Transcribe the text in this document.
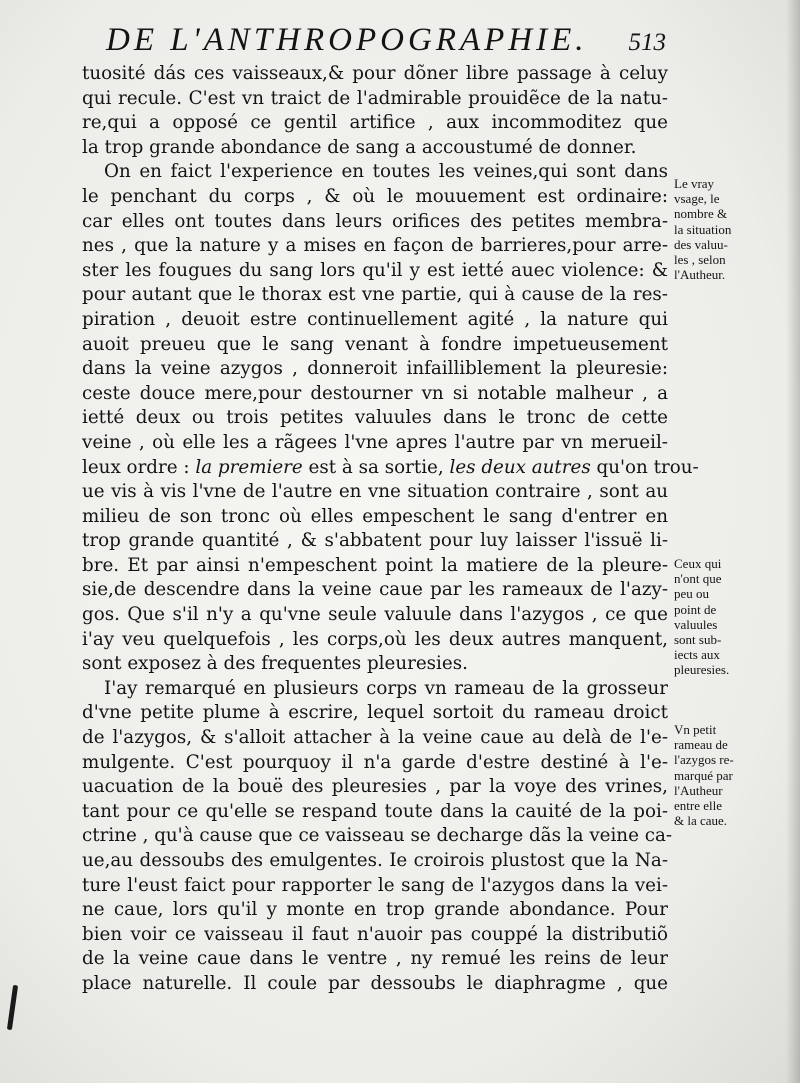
DE L'ANTHROPOGRAPHIE. 513
tuosité dás ces vaisseaux,& pour dõner libre passage à celuy
qui recule. C'est vn traict de l'admirable prouidẽce de la natu-
re,qui a opposé ce gentil artifice , aux incommoditez que
la trop grande abondance de sang a accoustumé de donner.
On en faict l'experience en toutes les veines,qui sont dans
le penchant du corps , & où le mouuement est ordinaire:
car elles ont toutes dans leurs orifices des petites membra-
nes , que la nature y a mises en façon de barrieres,pour arre-
ster les fougues du sang lors qu'il y est ietté auec violence: &
pour autant que le thorax est vne partie, qui à cause de la res-
piration , deuoit estre continuellement agité , la nature qui
auoit preueu que le sang venant à fondre impetueusement
dans la veine azygos , donneroit infailliblement la pleuresie:
ceste douce mere,pour destourner vn si notable malheur , a
ietté deux ou trois petites valuules dans le tronc de cette
veine , où elle les a rãgees l'vne apres l'autre par vn merueil-
leux ordre : la premiere est à sa sortie, les deux autres qu'on trou-
ue vis à vis l'vne de l'autre en vne situation contraire , sont au
milieu de son tronc où elles empeschent le sang d'entrer en
trop grande quantité , & s'abbatent pour luy laisser l'issuë li-
bre. Et par ainsi n'empeschent point la matiere de la pleure-
sie,de descendre dans la veine caue par les rameaux de l'azy-
gos. Que s'il n'y a qu'vne seule valuule dans l'azygos , ce que
i'ay veu quelquefois , les corps,où les deux autres manquent,
sont exposez à des frequentes pleuresies.
I'ay remarqué en plusieurs corps vn rameau de la grosseur
d'vne petite plume à escrire, lequel sortoit du rameau droict
de l'azygos, & s'alloit attacher à la veine caue au delà de l'e-
mulgente. C'est pourquoy il n'a garde d'estre destiné à l'e-
uacuation de la bouë des pleuresies , par la voye des vrines,
tant pour ce qu'elle se respand toute dans la cauité de la poi-
ctrine , qu'à cause que ce vaisseau se decharge dãs la veine ca-
ue,au dessoubs des emulgentes. Ie croirois plustost que la Na-
ture l'eust faict pour rapporter le sang de l'azygos dans la vei-
ne caue, lors qu'il y monte en trop grande abondance. Pour
bien voir ce vaisseau il faut n'auoir pas couppé la distributiõ
de la veine caue dans le ventre , ny remué les reins de leur
place naturelle. Il coule par dessoubs le diaphragme , que
Le vray
vsage, le
nombre &
la situation
des valuu-
les , selon
l'Autheur.
Ceux qui
n'ont que
peu ou
point de
valuules
sont sub-
iects aux
pleuresies.
Vn petit
rameau de
l'azygos re-
marqué par
l'Autheur
entre elle
& la caue.
